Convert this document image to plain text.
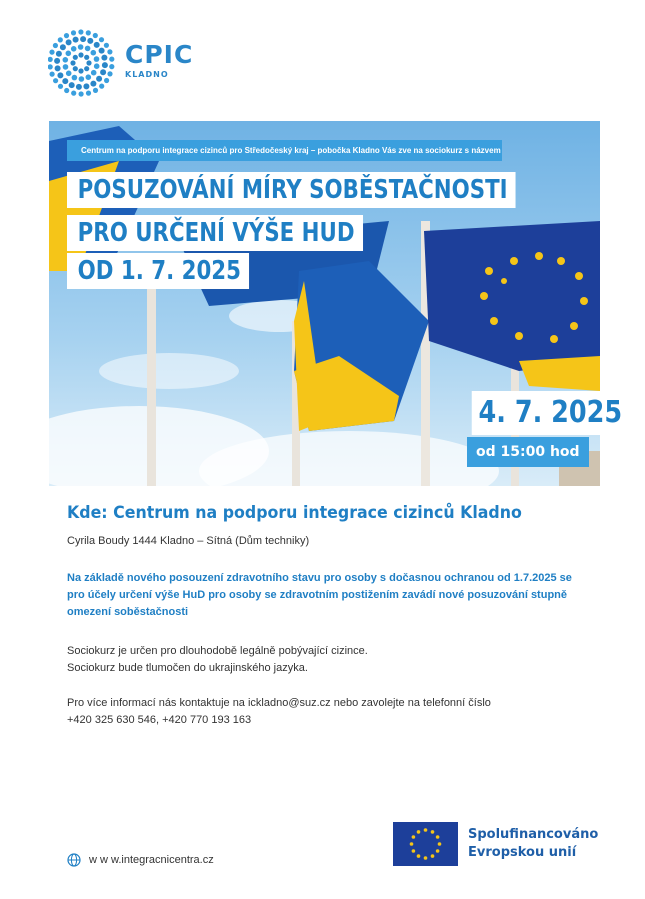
CPIC
KLADNO
Centrum na podporu integrace cizinců pro Středočeský kraj – pobočka Kladno Vás zve na sociokurz s názvem
POSUZOVÁNÍ MÍRY SOBĚSTAČNOSTI
PRO URČENÍ VÝŠE HUD
OD 1. 7. 2025
4. 7. 2025
od 15:00 hod
Kde: Centrum na podporu integrace cizinců Kladno
Cyrila Boudy 1444 Kladno – Sítná (Dům techniky)
Na základě nového posouzení zdravotního stavu pro osoby s dočasnou ochranou od 1.7.2025 se pro účely určení výše HuD pro osoby se zdravotním postižením zavádí nové posuzování stupně omezení soběstačnosti
Sociokurz je určen pro dlouhodobě legálně pobývající cizince.
Sociokurz bude tlumočen do ukrajinského jazyka.
Pro více informací nás kontaktuje na ickladno@suz.cz nebo zavolejte na telefonní číslo
+420 325 630 546, +420 770 193 163
w w w.integracnicentra.cz
Spolufinancováno
Evropskou unií
